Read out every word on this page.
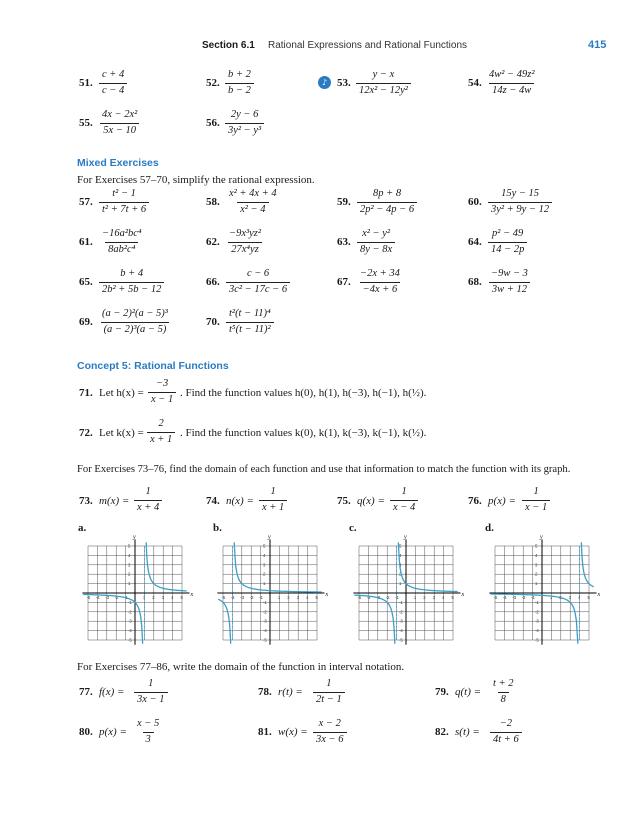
Section 6.1 Rational Expressions and Rational Functions	415
51. $\frac{c + 4}{c - 4}$	52. $\frac{b + 2}{b - 2}$	♪ 53. $\frac{y - x}{\text{12x² − 12y²}}$	54. $\frac{\text{4w² − 49z²}}{14z - 4w}$
55. $\frac{\text{4x − 2x²}}{5x - 10}$	56. $\frac{2y - 6}{\text{3y² − y³}}$
Mixed Exercises
For Exercises 57–70, simplify the rational expression.
57. $\frac{\text{t² − 1}}{\text{t² + 7t + 6}}$	58. $\frac{\text{x² + 4x + 4}}{\text{x² − 4}}$	59. $\frac{8p + 8}{\text{2p² − 4p − 6}}$	60. $\frac{15y - 15}{\text{3y² + 9y − 12}}$
61. $\frac{\text{−16a²bc⁴}}{\text{8ab²c⁴}}$	62. $\frac{\text{−9x³yz²}}{\text{27x⁴yz}}$	63. $\frac{\text{x² − y²}}{8y - 8x}$	64. $\frac{\text{p² − 49}}{14 - 2p}$
65. $\frac{b + 4}{\text{2b² + 5b − 12}}$	66. $\frac{c - 6}{\text{3c² − 17c − 6}}$	67. $\frac{-2x + 34}{-4x + 6}$	68. $\frac{-9w - 3}{3w + 12}$
69. $\frac{\text{(a − 2)²(a − 5)³}}{\text{(a − 2)³(a − 5)}}$	70. $\frac{\text{t²(t − 11)⁴}}{\text{t⁵(t − 11)²}}$
Concept 5: Rational Functions
71. Let $h(x) = \frac{-3}{x - 1}$ . Find the function values h(0), h(1), h(−3), h(−1), h(½).
72. Let $k(x) = \frac{2}{x + 1}$ . Find the function values k(0), k(1), k(−3), k(−1), k(½).
For Exercises 73–76, find the domain of each function and use that information to match the function with its graph.
73. $m(x) = \frac{1}{x + 4}$	74. $n(x) = \frac{1}{x + 1}$	75. $q(x) = \frac{1}{x - 4}$	76. $p(x) = \frac{1}{x - 1}$
a.
x
y
-5
-5
-4
-4
-3
-3
-2
-2
-1
-1
1
1
2
2
3
3
4
4
5
5
b.
x
y
-5
-5
-4
-4
-3
-3
-2
-2
-1
-1
1
1
2
2
3
3
4
4
5
5
c.
x
y
-5
-5
-4
-4
-3
-3
-2
-2
-1
-1
1
1
2
2
3
3
4
4
5
5
d.
x
y
-5
-5
-4
-4
-3
-3
-2
-2
-1
-1
1
1
2
2
3
3
4
4
5
5
For Exercises 77–86, write the domain of the function in interval notation.
77. $f(x) = \frac{1}{3x - 1}$	78. $r(t) = \frac{1}{2t - 1}$	79. $q(t) = \frac{t + 2}{8}$
80. $p(x) = \frac{x - 5}{3}$	81. $w(x) = \frac{x - 2}{3x - 6}$	82. $s(t) = \frac{-2}{4t + 6}$
